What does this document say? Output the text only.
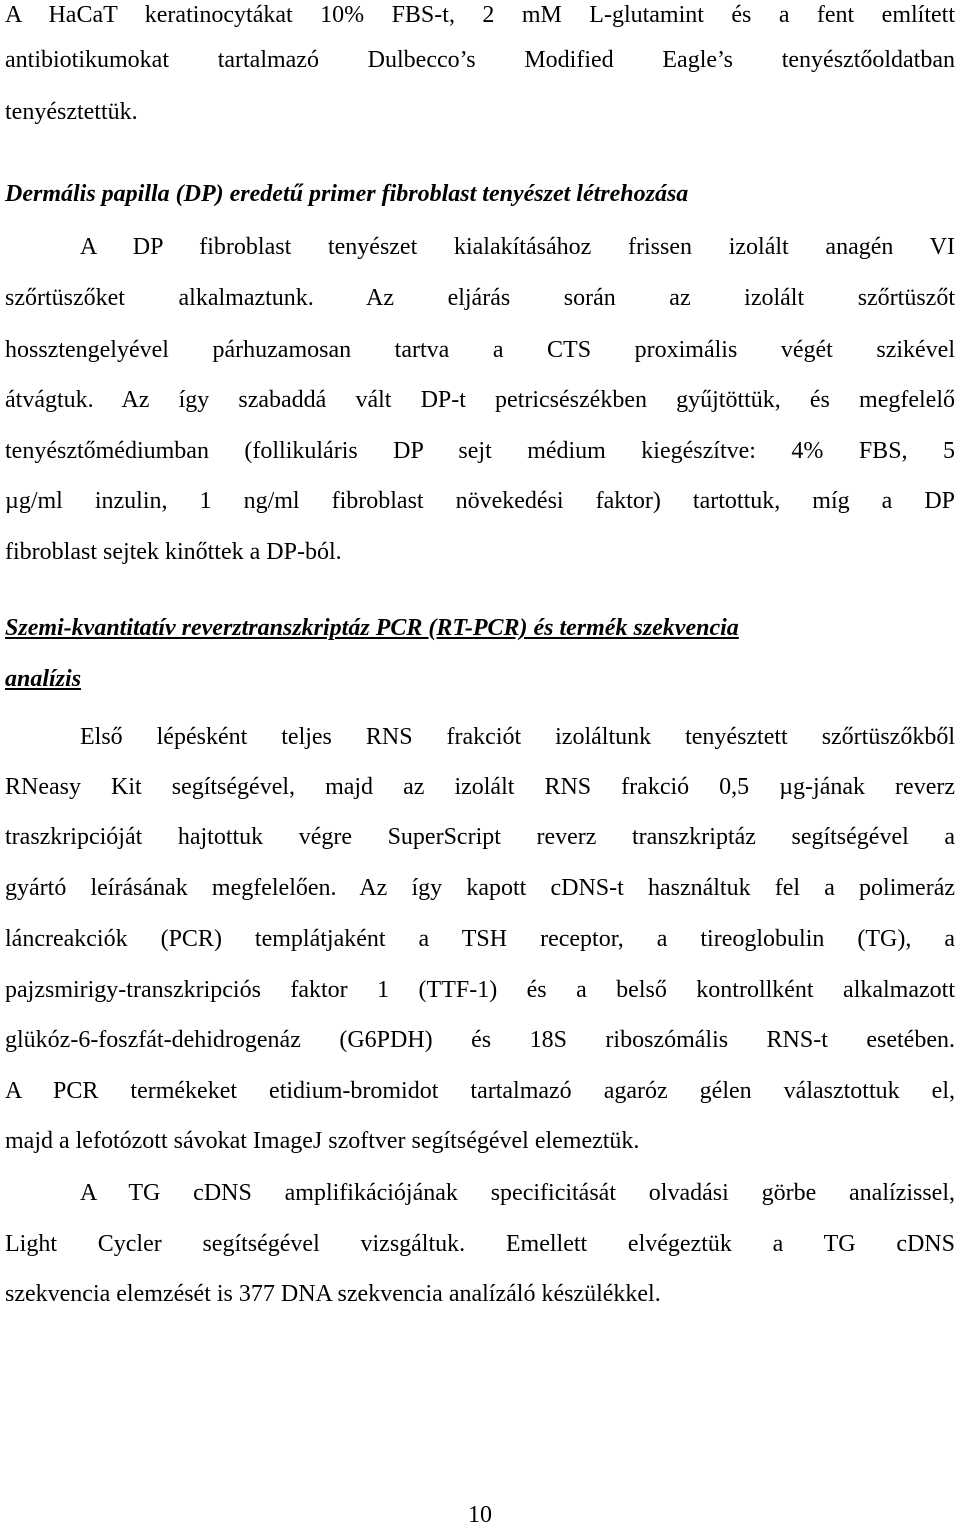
A HaCaT keratinocytákat 10% FBS-t, 2 mM L-glutamint és a fent említett
antibiotikumokat tartalmazó Dulbecco’s Modified Eagle’s tenyésztőoldatban
tenyésztettük.
Dermális papilla (DP) eredetű primer fibroblast tenyészet létrehozása
A DP fibroblast tenyészet kialakításához frissen izolált anagén VI
szőrtüszőket alkalmaztunk. Az eljárás során az izolált szőrtüszőt
hossztengelyével párhuzamosan tartva a CTS proximális végét szikével
átvágtuk. Az így szabaddá vált DP-t petricsészékben gyűjtöttük, és megfelelő
tenyésztőmédiumban (follikuláris DP sejt médium kiegészítve: 4% FBS, 5
µg/ml inzulin, 1 ng/ml fibroblast növekedési faktor) tartottuk, míg a DP
fibroblast sejtek kinőttek a DP-ból.
Szemi-kvantitatív reverztranszkriptáz PCR (RT-PCR) és termék szekvencia
analízis
Első lépésként teljes RNS frakciót izoláltunk tenyésztett szőrtüszőkből
RNeasy Kit segítségével, majd az izolált RNS frakció 0,5 µg-jának reverz
traszkripcióját hajtottuk végre SuperScript reverz transzkriptáz segítségével a
gyártó leírásának megfelelően. Az így kapott cDNS-t használtuk fel a polimeráz
láncreakciók (PCR) templátjaként a TSH receptor, a tireoglobulin (TG), a
pajzsmirigy-transzkripciós faktor 1 (TTF-1) és a belső kontrollként alkalmazott
glükóz-6-foszfát-dehidrogenáz (G6PDH) és 18S riboszómális RNS-t esetében.
A PCR termékeket etidium-bromidot tartalmazó agaróz gélen választottuk el,
majd a lefotózott sávokat ImageJ szoftver segítségével elemeztük.
A TG cDNS amplifikációjának specificitását olvadási görbe analízissel,
Light Cycler segítségével vizsgáltuk. Emellett elvégeztük a TG cDNS
szekvencia elemzését is 377 DNA szekvencia analízáló készülékkel.
10
